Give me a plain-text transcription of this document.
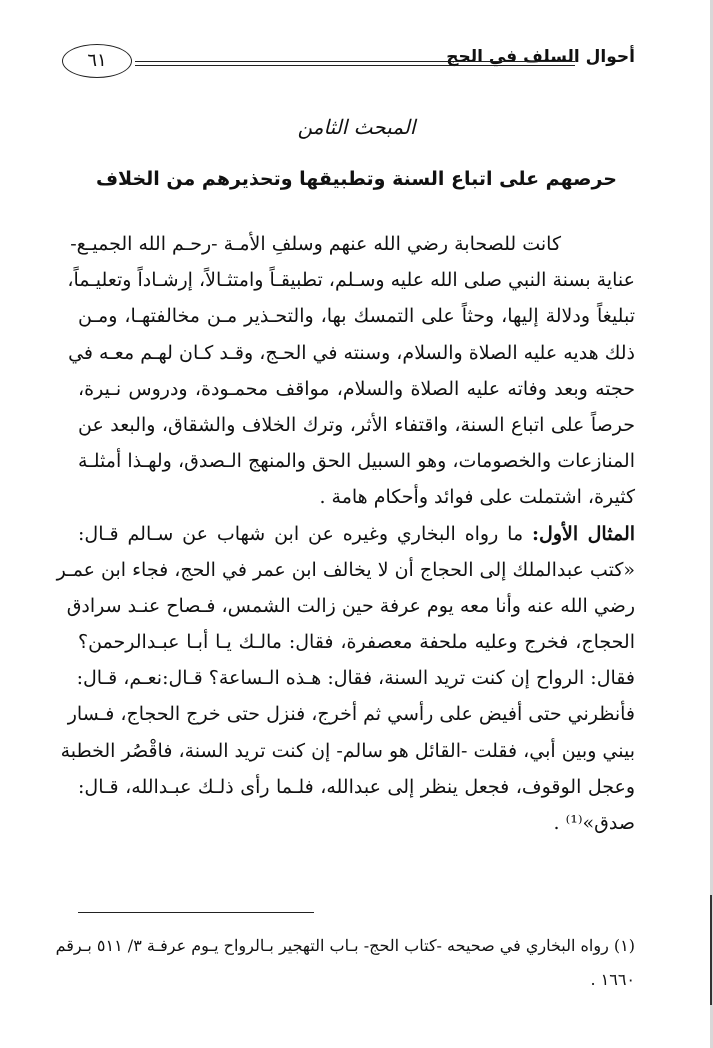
أحوال السلف في الحج
٦١
المبحث الثامن
حرصهم على اتباع السنة وتطبيقها وتحذيرهم من الخلاف
كانت للصحابة رضي الله عنهم وسلفِ الأمـة -رحـم الله الجميـع-
عناية بسنة النبي صلى الله عليه وسـلم، تطبيقـاً وامتثـالاً، إرشـاداً وتعليـماً،
تبليغاً ودلالة إليها، وحثاً على التمسك بها، والتحـذير مـن مخالفتهـا، ومـن
ذلك هديه عليه الصلاة والسلام، وسنته في الحـج، وقـد كـان لهـم معـه في
حجته وبعد وفاته عليه الصلاة والسلام، مواقف محمـودة، ودروس نـيرة،
حرصاً على اتباع السنة، واقتفاء الأثر، وترك الخلاف والشقاق، والبعد عن
المنازعات والخصومات، وهو السبيل الحق والمنهج الـصدق، ولهـذا أمثلـة
كثيرة، اشتملت على فوائد وأحكام هامة .
المثال الأول: ما رواه البخاري وغيره عن ابن شهاب عن سـالم قـال:
«كتب عبدالملك إلى الحجاج أن لا يخالف ابن عمر في الحج، فجاء ابن عمـر
رضي الله عنه وأنا معه يوم عرفة حين زالت الشمس، فـصاح عنـد سرادق
الحجاج، فخرج وعليه ملحفة معصفرة، فقال: مالـك يـا أبـا عبـدالرحمن؟
فقال: الرواح إن كنت تريد السنة، فقال: هـذه الـساعة؟ قـال:نعـم، قـال:
فأنظرني حتى أفيض على رأسي ثم أخرج، فنزل حتى خرج الحجاج، فـسار
بيني وبين أبي، فقلت -القائل هو سالم- إن كنت تريد السنة، فاقْصُر الخطبة
وعجل الوقوف، فجعل ينظر إلى عبدالله، فلـما رأى ذلـك عبـدالله، قـال:
صدق»⁽¹⁾ .
(١) رواه البخاري في صحيحه -كتاب الحج- بـاب التهجير بـالرواح يـوم عرفـة ٣/ ٥١١ بـرقم
١٦٦٠ .
